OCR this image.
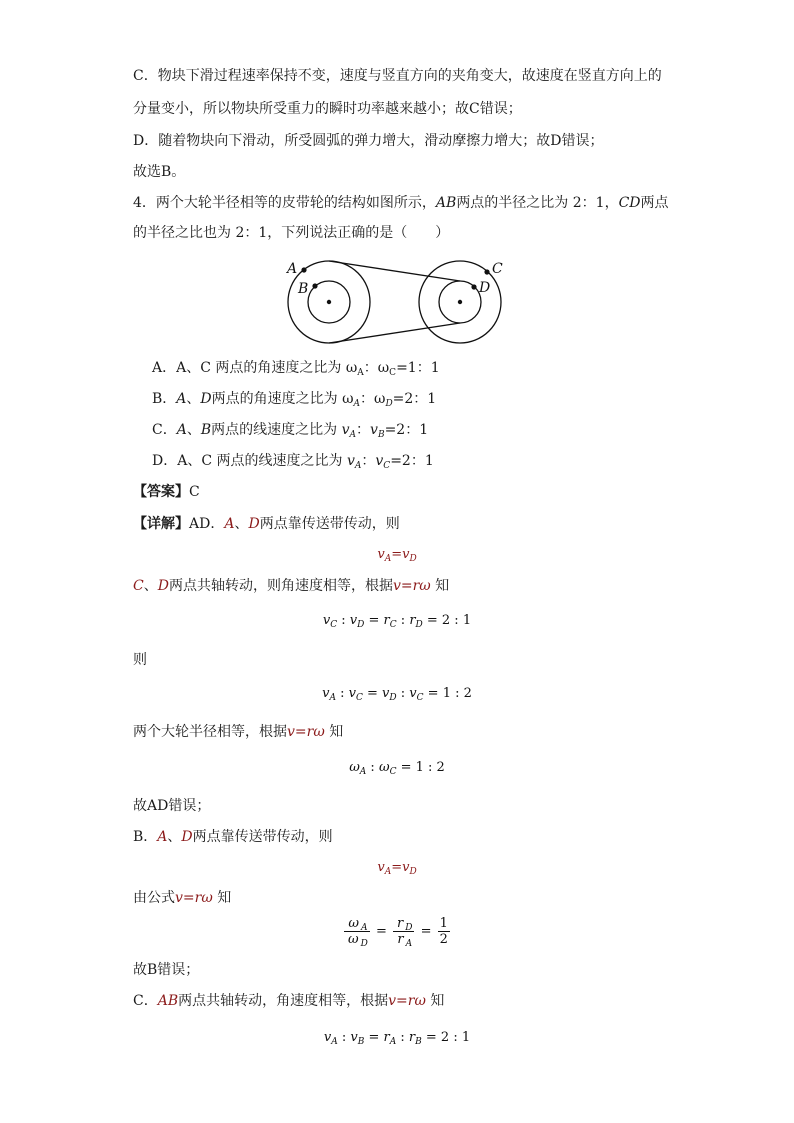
C．物块下滑过程速率保持不变，速度与竖直方向的夹角变大，故速度在竖直方向上的
分量变小，所以物块所受重力的瞬时功率越来越小；故C错误；
D．随着物块向下滑动，所受圆弧的弹力增大，滑动摩擦力增大；故D错误；
故选B。
4．两个大轮半径相等的皮带轮的结构如图所示，AB两点的半径之比为 2：1，CD两点
的半径之比也为 2：1，下列说法正确的是（　　）
A
B
C
D
A．A、C 两点的角速度之比为 $\omega_A$：$\omega_C=1$：1
B．A、D两点的角速度之比为 $\omega_A$：$\omega_D=2$：1
C．A、B两点的线速度之比为 $v_A$：$v_B=2$：1
D．A、C 两点的线速度之比为 $v_A$：$v_C=2$：1
【答案】C
【详解】AD．A、D两点靠传送带传动，则
$v_A=v_D$
C、D两点共轴转动，则角速度相等，根据v=rω 知
$v_C$ : $v_D = r_C$ : $r_D = 2$ : 1
则
$v_A$ : $v_C = v_D$ : $v_C = 1$ : 2
两个大轮半径相等，根据v=rω 知
$\omega_A$ : $\omega_C = 1$ : 2
故AD错误；
B．A、D两点靠传送带传动，则
$v_A=v_D$
由公式v=rω 知
$\frac{\omega _A}{\omega _D} = \frac{r _D}{r _A} = \frac{1}{2}$
故B错误；
C．AB两点共轴转动，角速度相等，根据v=rω 知
$v_A$ : $v_B = r_A$ : $r_B = 2$ : 1
